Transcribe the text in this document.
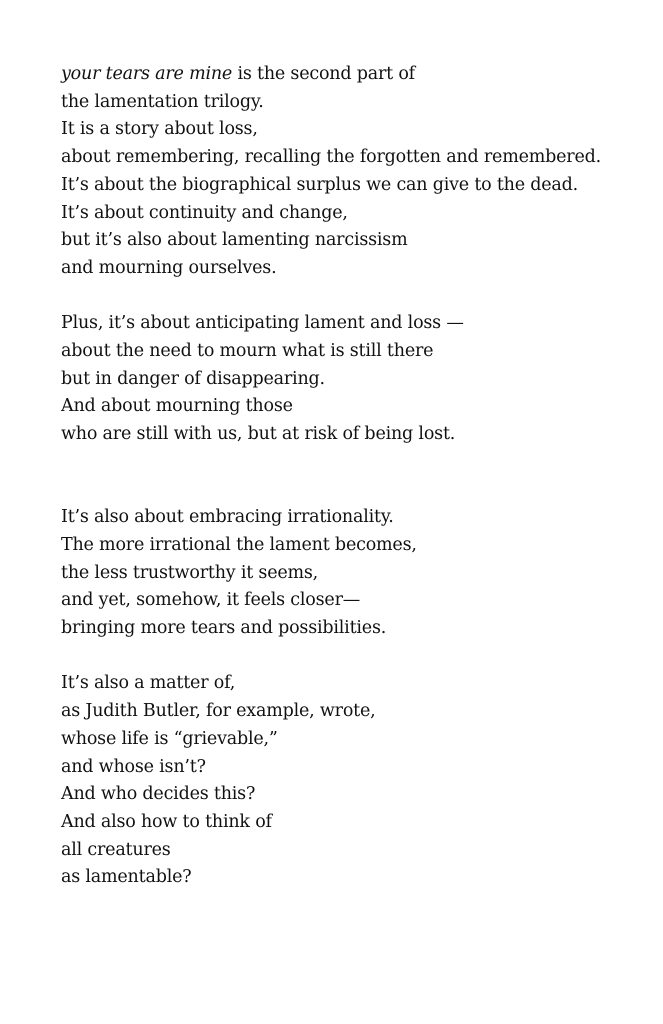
your tears are mine is the second part of
the lamentation trilogy.
It is a story about loss,
about remembering, recalling the forgotten and remembered.
It’s about the biographical surplus we can give to the dead.
It’s about continuity and change,
but it’s also about lamenting narcissism
and mourning ourselves.
Plus, it’s about anticipating lament and loss —
about the need to mourn what is still there
but in danger of disappearing.
And about mourning those
who are still with us, but at risk of being lost.
It’s also about embracing irrationality.
The more irrational the lament becomes,
the less trustworthy it seems,
and yet, somehow, it feels closer—
bringing more tears and possibilities.
It’s also a matter of,
as Judith Butler, for example, wrote,
whose life is “grievable,”
and whose isn’t?
And who decides this?
And also how to think of
all creatures
as lamentable?
